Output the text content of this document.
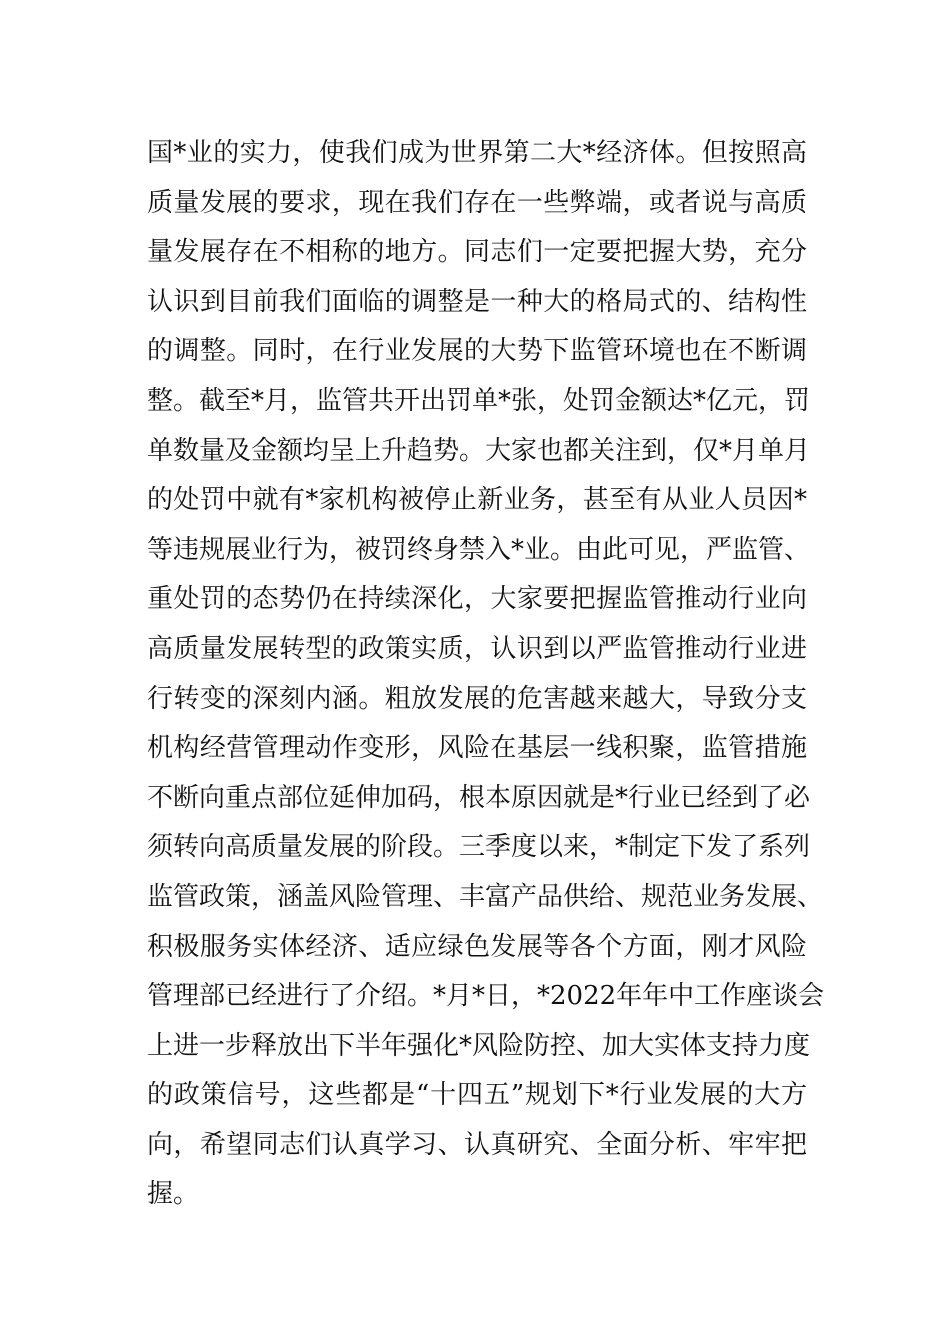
国*业的实力，使我们成为世界第二大*经济体。但按照高
质量发展的要求，现在我们存在一些弊端，或者说与高质
量发展存在不相称的地方。同志们一定要把握大势，充分
认识到目前我们面临的调整是一种大的格局式的、结构性
的调整。同时，在行业发展的大势下监管环境也在不断调
整。截至*月，监管共开出罚单*张，处罚金额达*亿元，罚
单数量及金额均呈上升趋势。大家也都关注到，仅*月单月
的处罚中就有*家机构被停止新业务，甚至有从业人员因*
等违规展业行为，被罚终身禁入*业。由此可见，严监管、
重处罚的态势仍在持续深化，大家要把握监管推动行业向
高质量发展转型的政策实质，认识到以严监管推动行业进
行转变的深刻内涵。粗放发展的危害越来越大，导致分支
机构经营管理动作变形，风险在基层一线积聚，监管措施
不断向重点部位延伸加码，根本原因就是*行业已经到了必
须转向高质量发展的阶段。三季度以来，*制定下发了系列
监管政策，涵盖风险管理、丰富产品供给、规范业务发展、
积极服务实体经济、适应绿色发展等各个方面，刚才风险
管理部已经进行了介绍。*月*日，*2022年年中工作座谈会
上进一步释放出下半年强化*风险防控、加大实体支持力度
的政策信号，这些都是“十四五”规划下*行业发展的大方
向，希望同志们认真学习、认真研究、全面分析、牢牢把
握。
